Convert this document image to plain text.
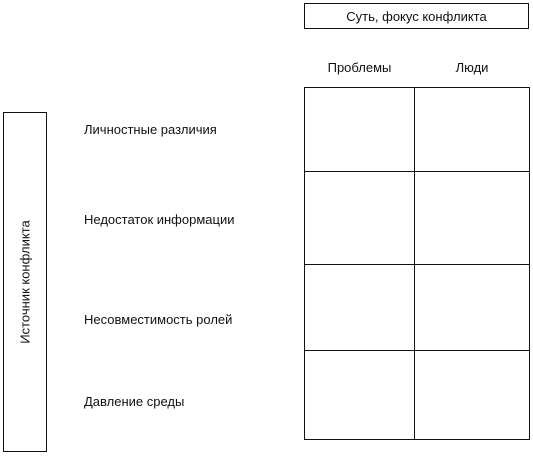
Суть, фокус конфликта
Проблемы	Люди
Источник конфликта
Личностные различия
Недостаток информации
Несовместимость ролей
Давление среды
